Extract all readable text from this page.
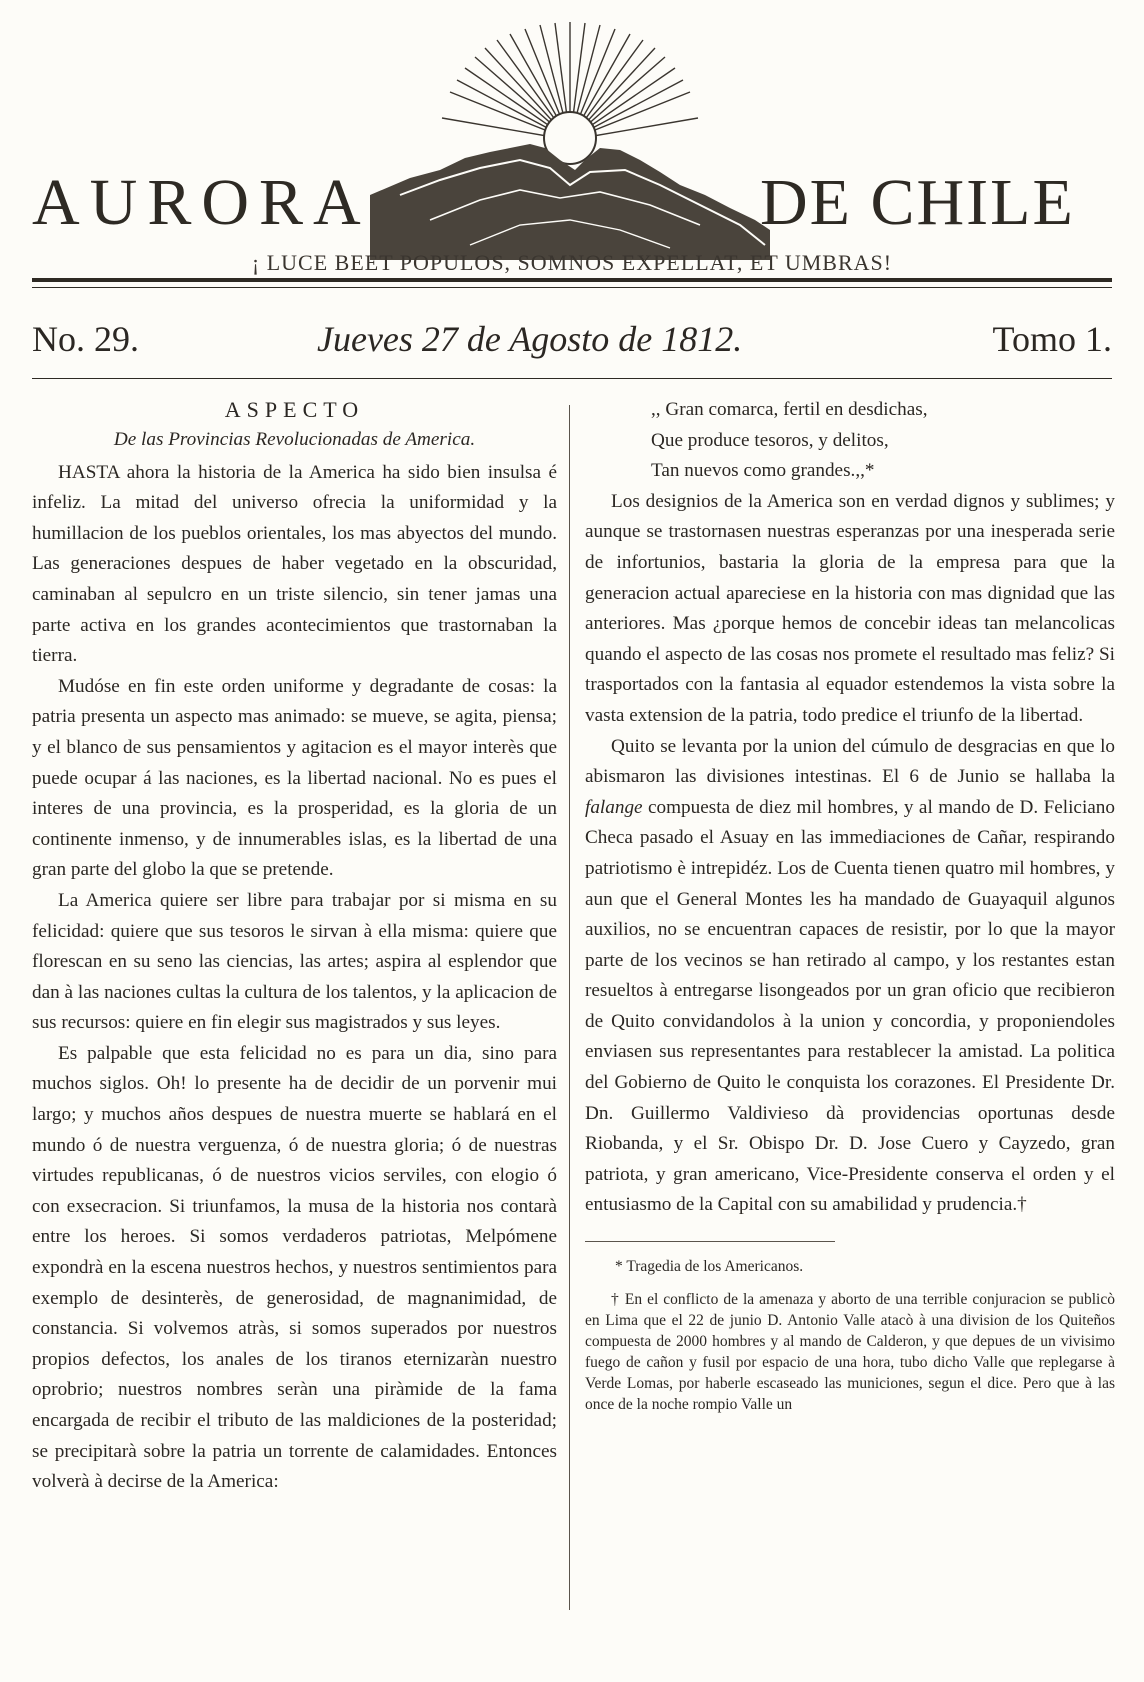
AURORA	DE CHILE
¡ LUCE BEET POPULOS, SOMNOS EXPELLAT, ET UMBRAS!
No. 29.	Jueves 27 de Agosto de 1812.	Tomo 1.

ASPECTO

De las Provincias Revolucionadas de America.

HASTA ahora la historia de la America ha sido bien insulsa é infeliz. La mitad del universo ofrecia la uniformidad y la humillacion de los pueblos orientales, los mas abyectos del mundo. Las generaciones despues de haber vegetado en la obscuridad, caminaban al sepulcro en un triste silencio, sin tener jamas una parte activa en los grandes acontecimientos que trastornaban la tierra.

Mudóse en fin este orden uniforme y degradante de cosas: la patria presenta un aspecto mas animado: se mueve, se agita, piensa; y el blanco de sus pensamientos y agitacion es el mayor interès que puede ocupar á las naciones, es la libertad nacional. No es pues el interes de una provincia, es la prosperidad, es la gloria de un continente inmenso, y de innumerables islas, es la libertad de una gran parte del globo la que se pretende.

La America quiere ser libre para trabajar por si misma en su felicidad: quiere que sus tesoros le sirvan à ella misma: quiere que florescan en su seno las ciencias, las artes; aspira al esplendor que dan à las naciones cultas la cultura de los talentos, y la aplicacion de sus recursos: quiere en fin elegir sus magistrados y sus leyes.

Es palpable que esta felicidad no es para un dia, sino para muchos siglos. Oh! lo presente ha de decidir de un porvenir mui largo; y muchos años despues de nuestra muerte se hablará en el mundo ó de nuestra verguenza, ó de nuestra gloria; ó de nuestras virtudes republicanas, ó de nuestros vicios serviles, con elogio ó con exsecracion. Si triunfamos, la musa de la historia nos contarà entre los heroes. Si somos verdaderos patriotas, Melpómene expondrà en la escena nuestros hechos, y nuestros sentimientos para exemplo de desinterès, de generosidad, de magnanimidad, de constancia. Si volvemos atràs, si somos superados por nuestros propios defectos, los anales de los tiranos eternizaràn nuestro oprobrio; nuestros nombres seràn una piràmide de la fama encargada de recibir el tributo de las maldiciones de la posteridad; se precipitarà sobre la patria un torrente de calamidades. Entonces volverà à decirse de la America:

,, Gran comarca, fertil en desdichas,

Que produce tesoros, y delitos,

Tan nuevos como grandes.,,*

Los designios de la America son en verdad dignos y sublimes; y aunque se trastornasen nuestras esperanzas por una inesperada serie de infortunios, bastaria la gloria de la empresa para que la generacion actual apareciese en la historia con mas dignidad que las anteriores. Mas ¿porque hemos de concebir ideas tan melancolicas quando el aspecto de las cosas nos promete el resultado mas feliz? Si trasportados con la fantasia al equador estendemos la vista sobre la vasta extension de la patria, todo predice el triunfo de la libertad.

Quito se levanta por la union del cúmulo de desgracias en que lo abismaron las divisiones intestinas. El 6 de Junio se hallaba la falange compuesta de diez mil hombres, y al mando de D. Feliciano Checa pasado el Asuay en las immediaciones de Cañar, respirando patriotismo è intrepidéz. Los de Cuenta tienen quatro mil hombres, y aun que el General Montes les ha mandado de Guayaquil algunos auxilios, no se encuentran capaces de resistir, por lo que la mayor parte de los vecinos se han retirado al campo, y los restantes estan resueltos à entregarse lisongeados por un gran oficio que recibieron de Quito convidandolos à la union y concordia, y proponiendoles enviasen sus representantes para restablecer la amistad. La politica del Gobierno de Quito le conquista los corazones. El Presidente Dr. Dn. Guillermo Valdivieso dà providencias oportunas desde Riobanda, y el Sr. Obispo Dr. D. Jose Cuero y Cayzedo, gran patriota, y gran americano, Vice-Presidente conserva el orden y el entusiasmo de la Capital con su amabilidad y prudencia.†

* Tragedia de los Americanos.

† En el conflicto de la amenaza y aborto de una terrible conjuracion se publicò en Lima que el 22 de junio D. Antonio Valle atacò à una division de los Quiteños compuesta de 2000 hombres y al mando de Calderon, y que depues de un vivisimo fuego de cañon y fusil por espacio de una hora, tubo dicho Valle que replegarse à Verde Lomas, por haberle escaseado las municiones, segun el dice. Pero que à las once de la noche rompio Valle un
